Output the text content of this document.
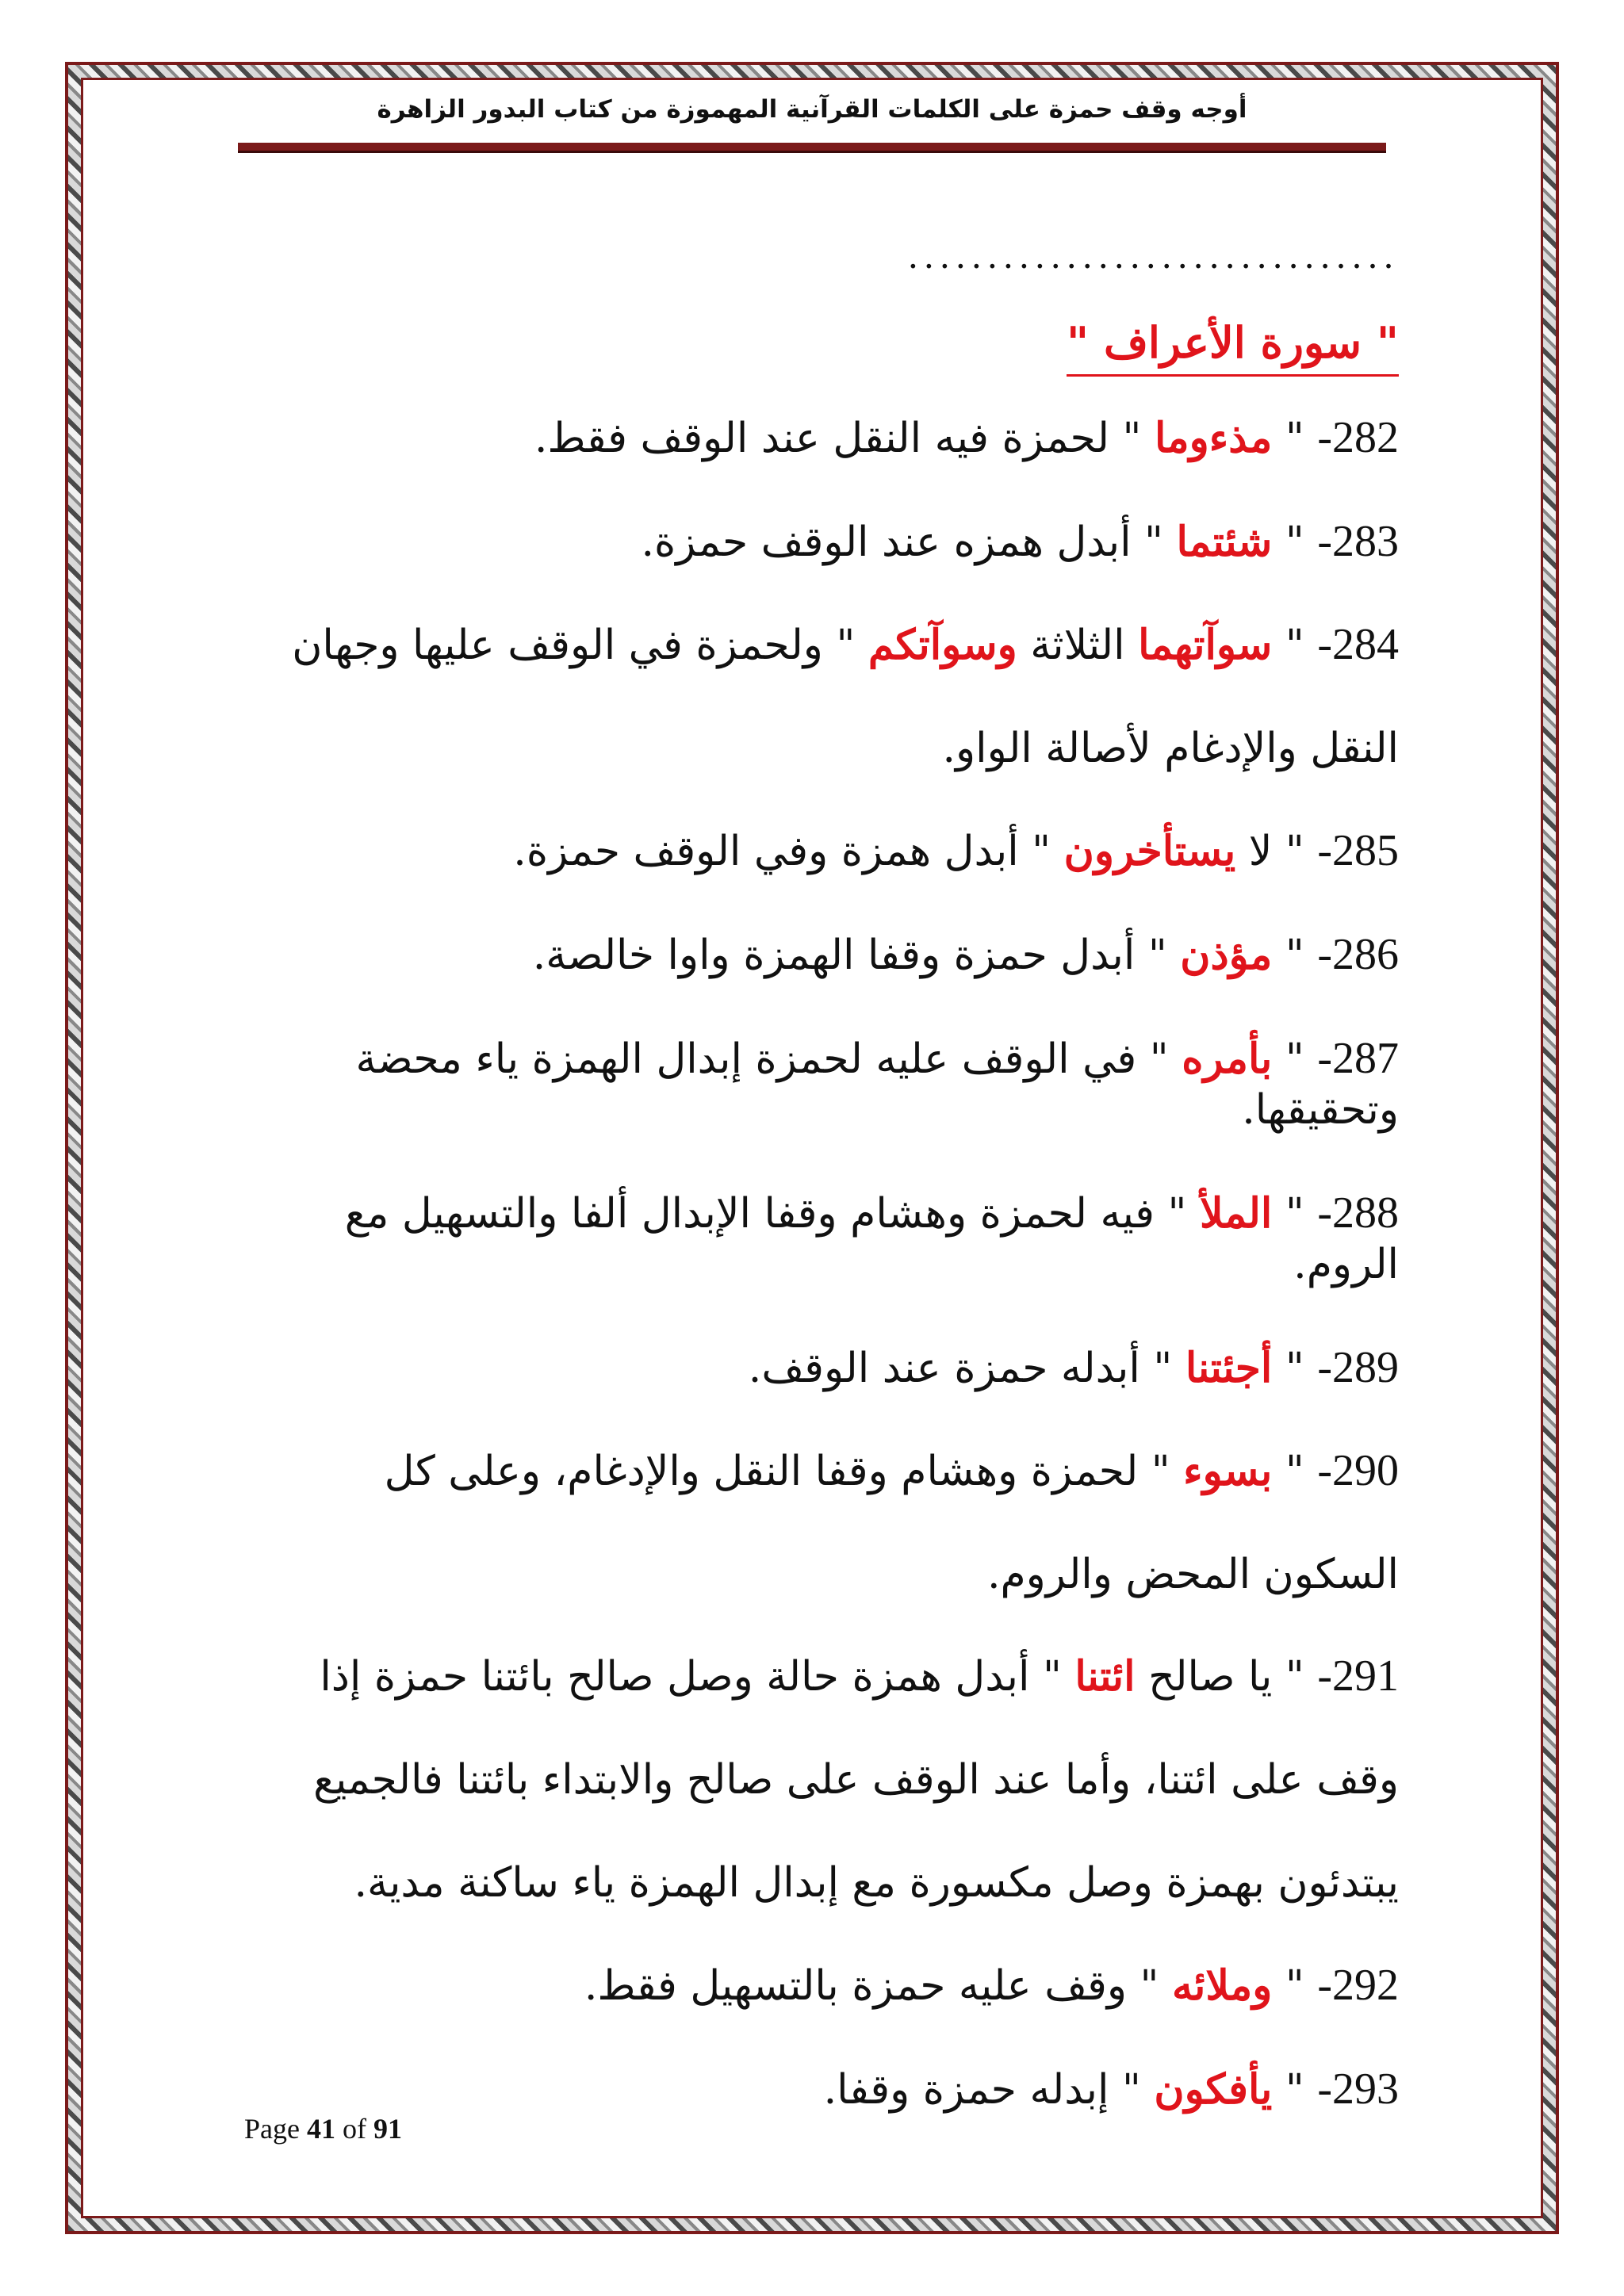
أوجه وقف حمزة على الكلمات القرآنية المهموزة من كتاب البدور الزاهرة
...............................
" سورة الأعراف "

282- " مذءوما " لحمزة فيه النقل عند الوقف فقط.

283- " شئتما " أبدل همزه عند الوقف حمزة.

284- " سوآتهما الثلاثة وسوآتكم " ولحمزة في الوقف عليها وجهان النقل والإدغام لأصالة الواو.

285- " لا يستأخرون " أبدل همزة وفي الوقف حمزة.

286- " مؤذن " أبدل حمزة وقفا الهمزة واوا خالصة.

287- " بأمره " في الوقف عليه لحمزة إبدال الهمزة ياء محضة وتحقيقها.

288- " الملأ " فيه لحمزة وهشام وقفا الإبدال ألفا والتسهيل مع الروم.

289- " أجئتنا " أبدله حمزة عند الوقف.

290- " بسوء " لحمزة وهشام وقفا النقل والإدغام، وعلى كل السكون المحض والروم.

291- " يا صالح ائتنا " أبدل همزة حالة وصل صالح بائتنا حمزة إذا وقف على ائتنا، وأما عند الوقف على صالح والابتداء بائتنا فالجميع يبتدئون بهمزة وصل مكسورة مع إبدال الهمزة ياء ساكنة مدية.

292- " وملائه " وقف عليه حمزة بالتسهيل فقط.

293- " يأفكون " إبدله حمزة وقفا.

Page 41 of 91
